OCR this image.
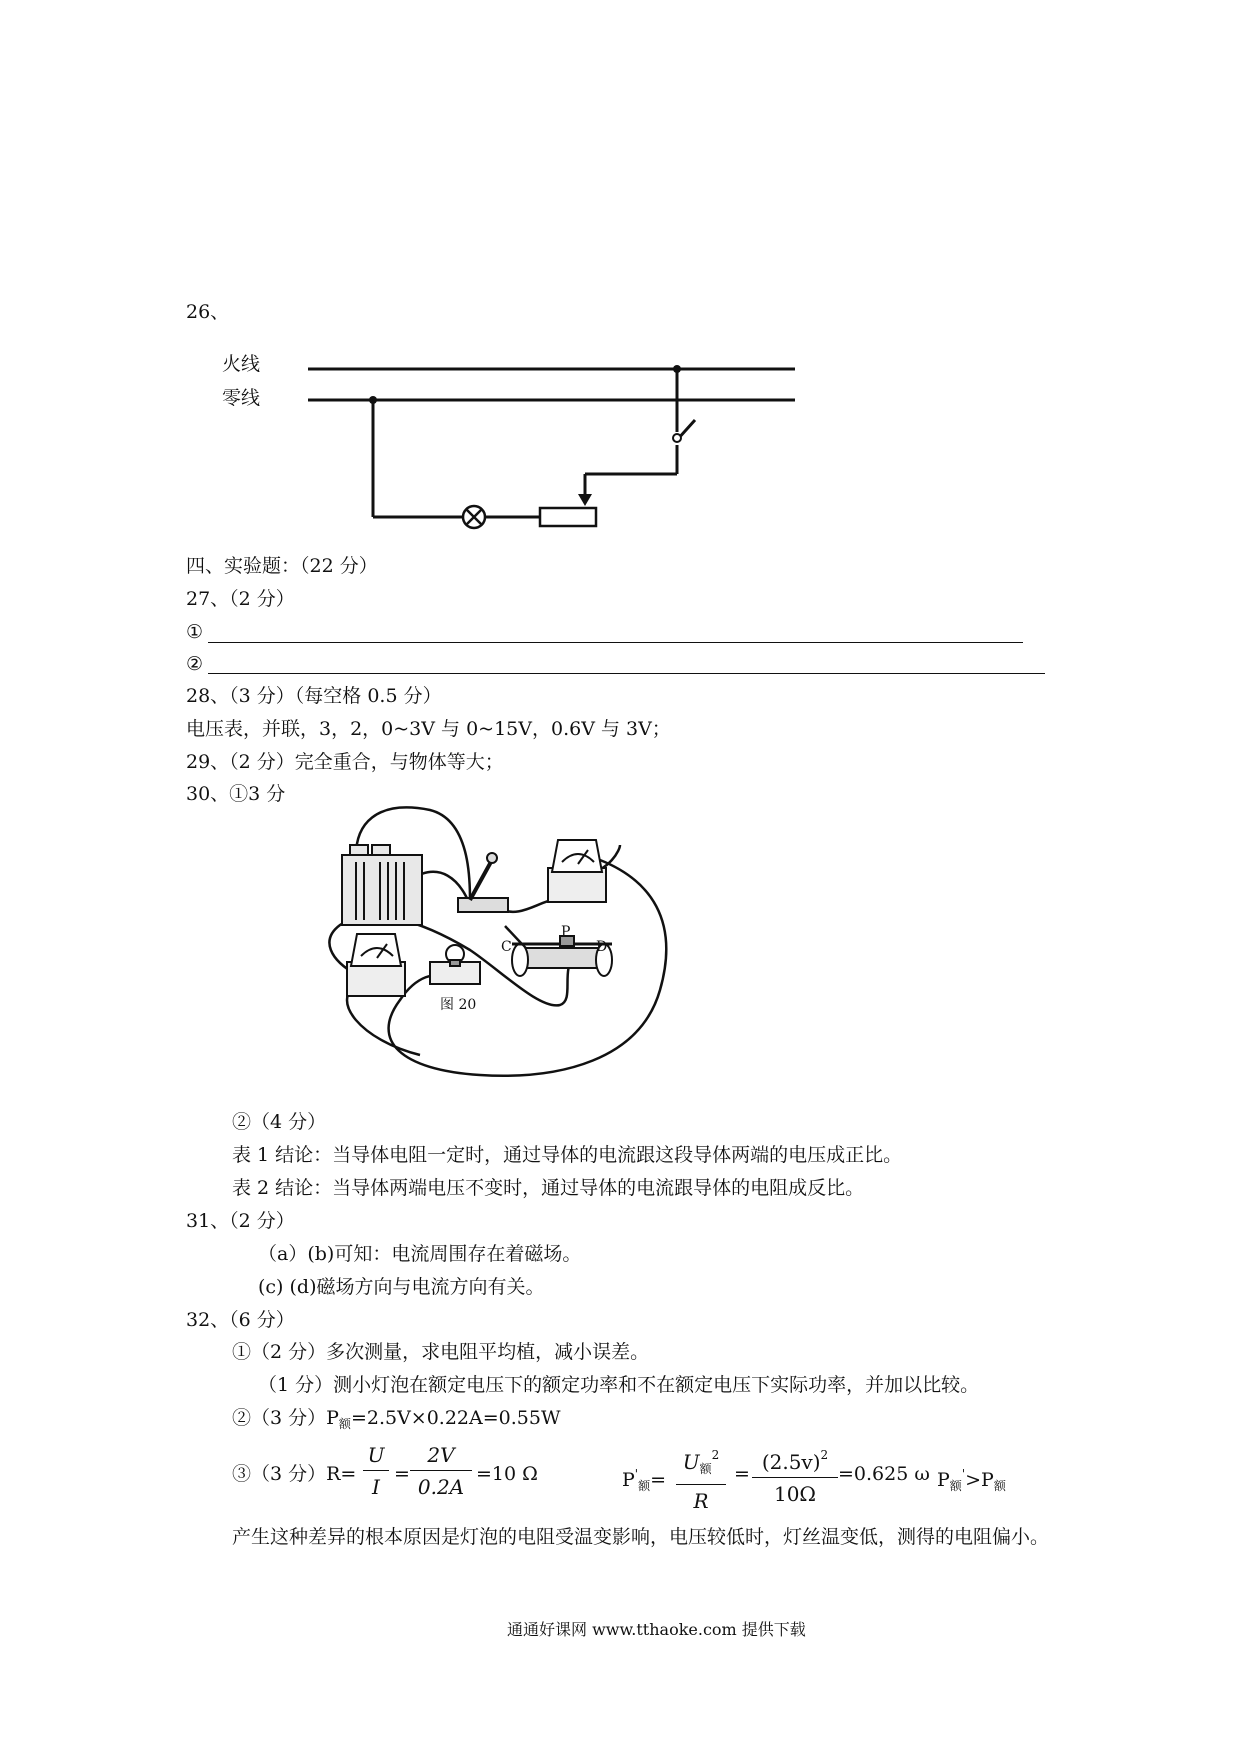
26、
火线
零线
四、实验题：（22 分）
27、（2 分）
①
②
28、（3 分）（每空格 0.5 分）
电压表，并联，3，2，0~3V 与 0~15V，0.6V 与 3V；
29、（2 分）完全重合，与物体等大；
30、①3 分
C
P
D
图 20
②（4 分）
表 1 结论：当导体电阻一定时，通过导体的电流跟这段导体两端的电压成正比。
表 2 结论：当导体两端电压不变时，通过导体的电流跟导体的电阻成反比。
31、（2 分）
（a）(b)可知：电流周围存在着磁场。
(c) (d)磁场方向与电流方向有关。
32、（6 分）
①（2 分）多次测量，求电阻平均植，减小误差。
（1 分）测小灯泡在额定电压下的额定功率和不在额定电压下实际功率，并加以比较。
②（3 分）$P_额=2.5V\times 0.22A=0.55W$
③（3 分）$R= \frac{U}{I} = \frac{2V}{0.2A} =10$ Ω	$P'_额=$
$U_额^2$
R
= $\frac{(2.5v)^2}{10\Omega} =0.625$ ω $P_额'>P_额$
产生这种差异的根本原因是灯泡的电阻受温变影响，电压较低时，灯丝温变低，测得的电阻偏小。
通通好课网 www.tthaoke.com 提供下载
